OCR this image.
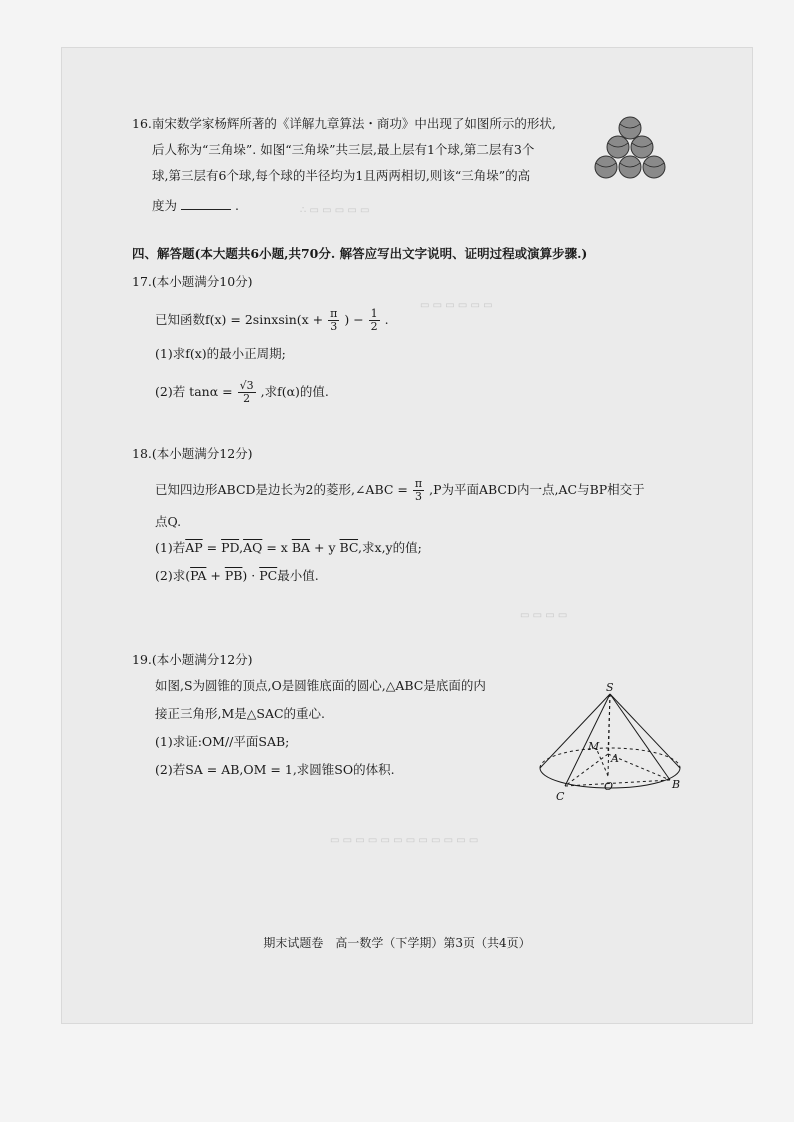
∴ ▭ ▭ ▭ ▭ ▭
▭ ▭ ▭ ▭ ▭ ▭
▭ ▭ ▭ ▭
▭ ▭ ▭ ▭ ▭ ▭ ▭ ▭ ▭ ▭ ▭ ▭
16.南宋数学家杨辉所著的《详解九章算法・商功》中出现了如图所示的形状,
后人称为“三角垛”. 如图“三角垛”共三层,最上层有1个球,第二层有3个
球,第三层有6个球,每个球的半径均为1且两两相切,则该“三角垛”的高
度为	.
四、解答题(本大题共6小题,共70分. 解答应写出文字说明、证明过程或演算步骤.)
17.(本小题满分10分)
已知函数f(x) = 2sinxsin(x + $\frac{\pi}{3}$ ) − $\frac{1}{2}$ .
(1)求f(x)的最小正周期;
(2)若 $\tan\alpha = \frac{√3}{2}$ ,求f(α)的值.
18.(本小题满分12分)
已知四边形ABCD是边长为2的菱形,∠ABC = $\frac{\pi}{3} ,P$为平面ABCD内一点,AC与BP相交于
点Q.
(1)若$\overline{AP} = \overline{PD},\overline{AQ} = x$ $\overline{BA} + y$ $\overline{BC}$,求x,y的值;
(2)求$(\overline{PA} + \overline{PB}) \cdot \overline{PC}$最小值.
19.(本小题满分12分)
如图,S为圆锥的顶点,O是圆锥底面的圆心,△ABC是底面的内
接正三角形,M是△SAC的重心.
(1)求证:OM//平面SAB;
(2)若SA = AB,OM = 1,求圆锥SO的体积.
S
M
A
O	B
C
期末试题卷　高一数学（下学期）第3页（共4页）
